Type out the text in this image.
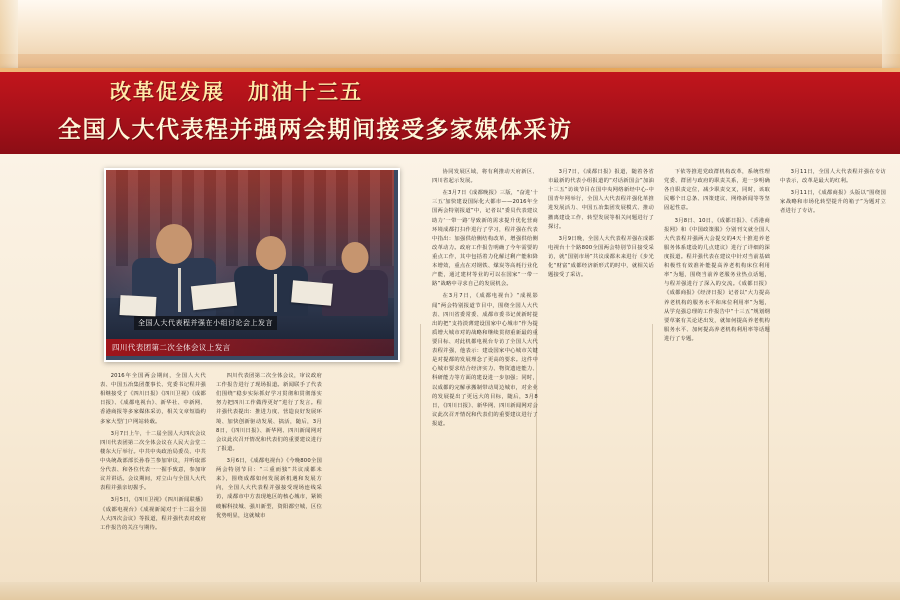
改革促发展　加油十三五
全国人大代表程并强两会期间接受多家媒体采访
全国人大代表程并强在小组讨论会上发言
四川代表团第二次全体会议上发言

2016年全国两会期间，全国人大代表、中国五冶集团董事长、党委书记程并强相继接受了《四川日报》《四川卫视》《成都日报》、《成都电视台》、新华社、中新网、香港商报等多家媒体采访，相关文章短篇约多家大型门户网站转载。

3月7日上午，十二届全国人大四次会议四川代表团第二次全体会议在人民大会堂二楼东大厅举行。中共中央政治局委员、中共中央统战部部长孙春兰参加审议，并听取部分代表、和各位代表一一握手致意，参加审议并讲话。会议期间，对立山与全国人大代表程并强亲切握手。

3月5日，《四川卫视》《四川新闻联播》《成都电视台》《成视新闻对于十二届全国人大四次会议》等报道，程并强代表对政府工作报告的关注与期待。

四川代表团第二次全体会议，审议政府工作报告进行了现场报道。新闻联手了代表们围绕“稳步实际抓好学习贯彻和贯彻落实努力把四川工作做得更好”进行了发言。程并强代表提出：推进力度、营造良好发展环境、加快创新驱动发展、搞活，随后，3月8日，《四川日报》、新华网、四川新闻网对会议此次召开情况和代表们的重要建议进行了报道。

3月6日，《成都电视台》《今晚800全国两会特别节目：“三重而独”共议成都未来》，围绕成都如何发展新机遇和发展方向，全国人大代表程并强接受现场连线采访，成都市中方表现地区的核心城市，紧锁破解科技城、强川新型，资阳都空城，区位优势明显，这就城市

协同发展区域，将有利推动天府新区、四川省起示发展。

在3月7日《成都晚报》三版，“奋进‘十三五’加快建设国际化大都市——2016年全国两会特别报道”中，记者以“委员代表建议助力‘一带一路’导致新的需求提升优化营商环境成都打扫作进行了学习，程并强在代表中指出：加强供给侧结构改革，增强供给侧改革动力。政府工作报告明确了今年需要的重点工作，其中包括着力化解过剩产能和降本增效，重点在对钢铁、煤炭等高耗行业化产能，通过建材等业的可以在国家“一带一路”战略中寻求自己的发展机会。

在3月7日，《成都电视台》“成视影闻”两会特别报道节目中，围绕全国人大代表、四川省委常委、成都市委书记黄新时提出的把“支持淡薄建设国家中心城市”作为提质增大城市对的战略和继续贯彻重新最的重要目标、对此机都电视台专访了全国人大代表程并强，他表示：建设国家中心城市关键是对提都的发展理念了更高的要求。这件中心城市要求结合经济实力、物资遗迹能力、科研能力等方面的建设进一步加强；同时，以成都的完解承搬制带动周边城市，对企业的发展提出了更远大的目标，随后，3月8日，《四川日报》、新华网、四川新闻网对会议此次召开情况和代表们的重要建议进行了报道。

3月7日，《成都日报》报道，随着各省市最新的代表小组报道的“对话新国会”加油十三五”访谈节目在国中央网络新经中心-中国青年网举行，全国人大代表程并强化革推进发展活力、中国五冶集团发展模式、推动撤离建设工作、转型发展等相关问题进行了探讨。

3月9日晚，全国人大代表程并强在成都电视台十个路800全国两会特别节目接受采访，就“国别市场”共议成都未来进行《步光化“财富”成都经济新形式的时中，就相关话题接受了采访。

下依等推进党政群机构改革，系统性理党委、群团与政府的职责关系，进一步明确各自职责定位，减少职责交叉，同时，该取民哪个日总条、四策建议、网络新闻等等坚固起性意。

3月8日、10日，《成都日报》、《香港商报网》和《中国政策服》分别刊文就全国人大代表程并强两大会提交的4天十推进养老服务体系建设的几点建议》进行了详细的深度报道。程并强代表在建议中针对当前基础积极性有效准补能提高养老机构床位利用率”为题，围绕当前养老服务业热点话题，与程并强进行了深入的交流。《成都日报》《成都商报》《经济日报》记者以“大力提高养老机构的服务水平和床位利用率”为题，从学克强总理的工作报告中“十三五”规划纲要草案有关论述出发，就如何提高养老机构服务水平、加何提高养老机构利用率等话题进行了专题。

3月11日，全国人大代表程并强在专访中表示，改革是最大的红利。

3月11日，《成都商报》头版以“围绕国家战略和市场化转型提升的箱子”为题对立者进行了专访。
